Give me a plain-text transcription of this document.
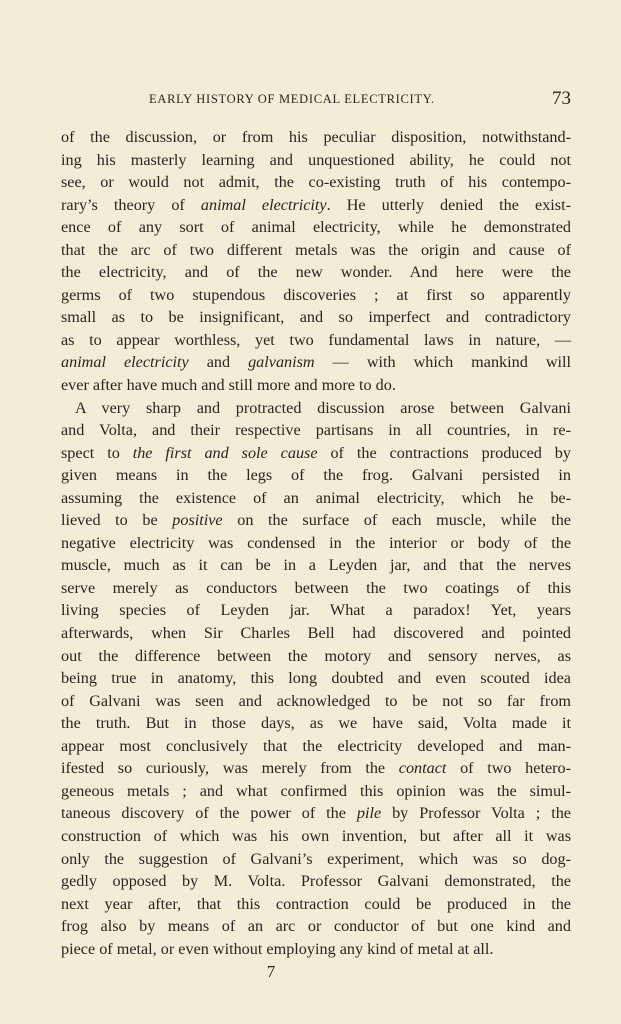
EARLY HISTORY OF MEDICAL ELECTRICITY.	73
of the discussion, or from his peculiar disposition, notwithstand-
ing his masterly learning and unquestioned ability, he could not
see, or would not admit, the co-existing truth of his contempo-
rary’s theory of animal electricity. He utterly denied the exist-
ence of any sort of animal electricity, while he demonstrated
that the arc of two different metals was the origin and cause of
the electricity, and of the new wonder. And here were the
germs of two stupendous discoveries ; at first so apparently
small as to be insignificant, and so imperfect and contradictory
as to appear worthless, yet two fundamental laws in nature, —
animal electricity and galvanism — with which mankind will
ever after have much and still more and more to do.
A very sharp and protracted discussion arose between Galvani
and Volta, and their respective partisans in all countries, in re-
spect to the first and sole cause of the contractions produced by
given means in the legs of the frog. Galvani persisted in
assuming the existence of an animal electricity, which he be-
lieved to be positive on the surface of each muscle, while the
negative electricity was condensed in the interior or body of the
muscle, much as it can be in a Leyden jar, and that the nerves
serve merely as conductors between the two coatings of this
living species of Leyden jar. What a paradox! Yet, years
afterwards, when Sir Charles Bell had discovered and pointed
out the difference between the motory and sensory nerves, as
being true in anatomy, this long doubted and even scouted idea
of Galvani was seen and acknowledged to be not so far from
the truth. But in those days, as we have said, Volta made it
appear most conclusively that the electricity developed and man-
ifested so curiously, was merely from the contact of two hetero-
geneous metals ; and what confirmed this opinion was the simul-
taneous discovery of the power of the pile by Professor Volta ; the
construction of which was his own invention, but after all it was
only the suggestion of Galvani’s experiment, which was so dog-
gedly opposed by M. Volta. Professor Galvani demonstrated, the
next year after, that this contraction could be produced in the
frog also by means of an arc or conductor of but one kind and
piece of metal, or even without employing any kind of metal at all.
7
